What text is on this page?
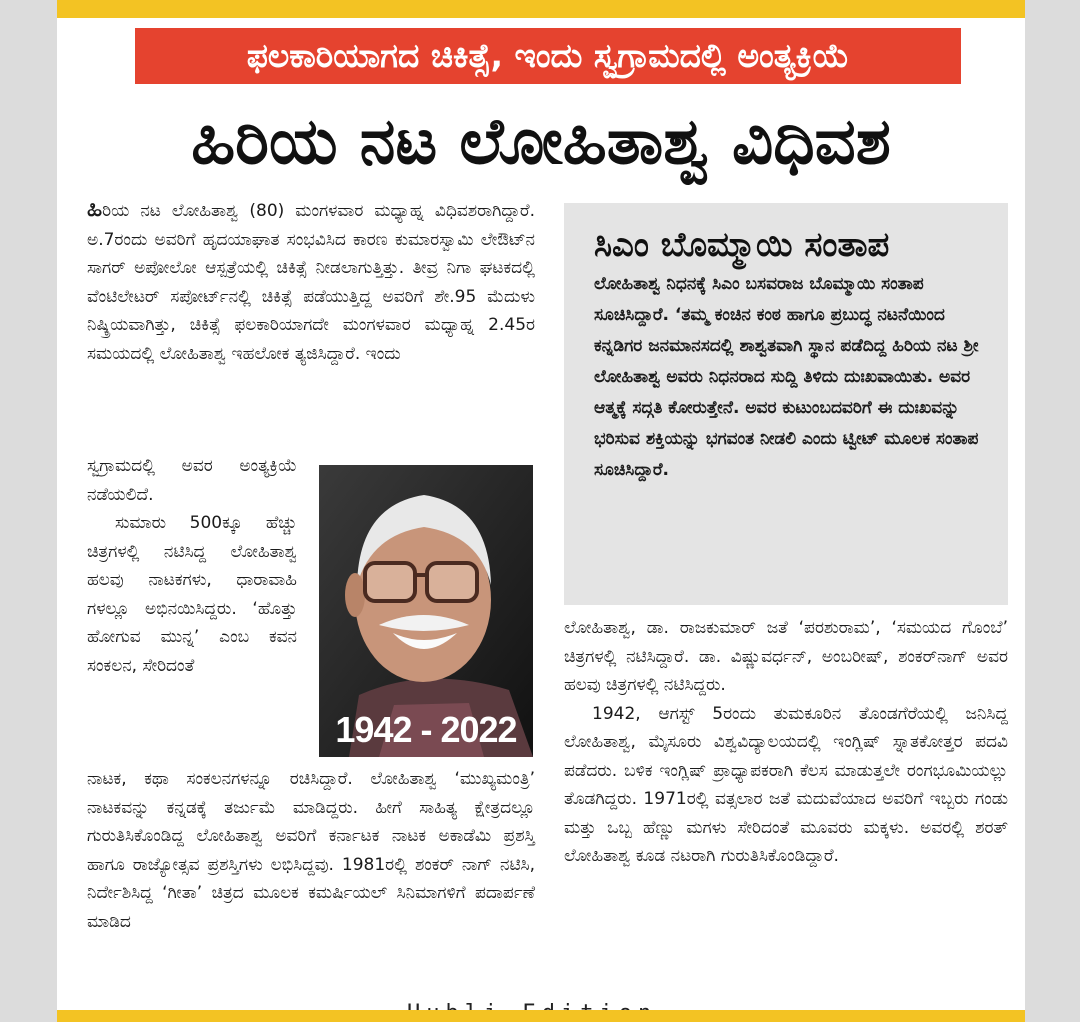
ಫಲಕಾರಿಯಾಗದ ಚಿಕಿತ್ಸೆ, ಇಂದು ಸ್ವಗ್ರಾಮದಲ್ಲಿ ಅಂತ್ಯಕ್ರಿಯೆ
ಹಿರಿಯ ನಟ ಲೋಹಿತಾಶ್ವ ವಿಧಿವಶ

ಹಿರಿಯ ನಟ ಲೋಹಿತಾಶ್ವ (80) ಮಂಗಳವಾರ ಮಧ್ಯಾಹ್ನ ವಿಧಿವಶರಾಗಿದ್ದಾರೆ. ಅ.7ರಂದು ಅವರಿಗೆ ಹೃದಯಾಘಾತ ಸಂಭವಿಸಿದ ಕಾರಣ ಕುಮಾರಸ್ವಾಮಿ ಲೇಔಟ್‌ನ ಸಾಗರ್ ಅಪೋಲೋ ಆಸ್ಪತ್ರೆಯಲ್ಲಿ ಚಿಕಿತ್ಸೆ ನೀಡಲಾಗುತ್ತಿತ್ತು. ತೀವ್ರ ನಿಗಾ ಘಟಕದಲ್ಲಿ ವೆಂಟಿಲೇಟರ್ ಸಪೋರ್ಟ್‌ನಲ್ಲಿ ಚಿಕಿತ್ಸೆ ಪಡೆಯುತ್ತಿದ್ದ ಅವರಿಗೆ ಶೇ.95 ಮೆದುಳು ನಿಷ್ಕ್ರಿಯವಾಗಿತ್ತು, ಚಿಕಿತ್ಸೆ ಫಲಕಾರಿಯಾಗದೇ ಮಂಗಳವಾರ ಮಧ್ಯಾಹ್ನ 2.45ರ ಸಮಯದಲ್ಲಿ ಲೋಹಿತಾಶ್ವ ಇಹಲೋಕ ತ್ಯಜಿಸಿದ್ದಾರೆ. ಇಂದು

ಸ್ವಗ್ರಾಮದಲ್ಲಿ ಅವರ ಅಂತ್ಯಕ್ರಿಯೆ ನಡೆಯಲಿದೆ.

ಸುಮಾರು 500ಕ್ಕೂ ಹೆಚ್ಚು ಚಿತ್ರಗಳಲ್ಲಿ ನಟಿಸಿದ್ದ ಲೋಹಿತಾಶ್ವ ಹಲವು ನಾಟಕಗಳು, ಧಾರಾವಾಹಿ ಗಳಲ್ಲೂ ಅಭಿನಯಿಸಿದ್ದರು. ‘ಹೊತ್ತು ಹೋಗುವ ಮುನ್ನ’ ಎಂಬ ಕವನ ಸಂಕಲನ, ಸೇರಿದಂತೆ

1942 - 2022

ನಾಟಕ, ಕಥಾ ಸಂಕಲನಗಳನ್ನೂ ರಚಿಸಿದ್ದಾರೆ. ಲೋಹಿತಾಶ್ವ ‘ಮುಖ್ಯಮಂತ್ರಿ’ ನಾಟಕವನ್ನು ಕನ್ನಡಕ್ಕೆ ತರ್ಜುಮೆ ಮಾಡಿದ್ದರು. ಹೀಗೆ ಸಾಹಿತ್ಯ ಕ್ಷೇತ್ರದಲ್ಲೂ ಗುರುತಿಸಿಕೊಂಡಿದ್ದ ಲೋಹಿತಾಶ್ವ ಅವರಿಗೆ ಕರ್ನಾಟಕ ನಾಟಕ ಅಕಾಡೆಮಿ ಪ್ರಶಸ್ತಿ ಹಾಗೂ ರಾಜ್ಯೋತ್ಸವ ಪ್ರಶಸ್ತಿಗಳು ಲಭಿಸಿದ್ದವು. 1981ರಲ್ಲಿ ಶಂಕರ್ ನಾಗ್ ನಟಿಸಿ, ನಿರ್ದೇಶಿಸಿದ್ದ ‘ಗೀತಾ’ ಚಿತ್ರದ ಮೂಲಕ ಕಮರ್ಷಿಯಲ್ ಸಿನಿಮಾಗಳಿಗೆ ಪದಾರ್ಪಣೆ ಮಾಡಿದ

ಸಿಎಂ ಬೊಮ್ಮಾಯಿ ಸಂತಾಪ

ಲೋಹಿತಾಶ್ವ ನಿಧನಕ್ಕೆ ಸಿಎಂ ಬಸವರಾಜ ಬೊಮ್ಮಾಯಿ ಸಂತಾಪ ಸೂಚಿಸಿದ್ದಾರೆ. ‘ತಮ್ಮ ಕಂಚಿನ ಕಂಠ ಹಾಗೂ ಪ್ರಬುದ್ಧ ನಟನೆಯಿಂದ ಕನ್ನಡಿಗರ ಜನಮಾನಸದಲ್ಲಿ ಶಾಶ್ವತವಾಗಿ ಸ್ಥಾನ ಪಡೆದಿದ್ದ ಹಿರಿಯ ನಟ ಶ್ರೀ ಲೋಹಿತಾಶ್ವ ಅವರು ನಿಧನರಾದ ಸುದ್ದಿ ತಿಳಿದು ದುಃಖವಾಯಿತು. ಅವರ ಆತ್ಮಕ್ಕೆ ಸದ್ಗತಿ ಕೋರುತ್ತೇನೆ. ಅವರ ಕುಟುಂಬದವರಿಗೆ ಈ ದುಃಖವನ್ನು ಭರಿಸುವ ಶಕ್ತಿಯನ್ನು ಭಗವಂತ ನೀಡಲಿ ಎಂದು ಟ್ವೀಟ್ ಮೂಲಕ ಸಂತಾಪ ಸೂಚಿಸಿದ್ದಾರೆ.

ಲೋಹಿತಾಶ್ವ, ಡಾ. ರಾಜಕುಮಾರ್ ಜತೆ ‘ಪರಶುರಾಮ’, ‘ಸಮಯದ ಗೊಂಬೆ’ ಚಿತ್ರಗಳಲ್ಲಿ ನಟಿಸಿದ್ದಾರೆ. ಡಾ. ವಿಷ್ಣುವರ್ಧನ್, ಅಂಬರೀಷ್, ಶಂಕರ್‌ನಾಗ್ ಅವರ ಹಲವು ಚಿತ್ರಗಳಲ್ಲಿ ನಟಿಸಿದ್ದರು.

1942, ಆಗಸ್ಟ್ 5ರಂದು ತುಮಕೂರಿನ ತೊಂಡಗೆರೆಯಲ್ಲಿ ಜನಿಸಿದ್ದ ಲೋಹಿತಾಶ್ವ, ಮೈಸೂರು ವಿಶ್ವವಿದ್ಯಾಲಯದಲ್ಲಿ ಇಂಗ್ಲಿಷ್ ಸ್ನಾತಕೋತ್ತರ ಪದವಿ ಪಡೆದರು. ಬಳಿಕ ಇಂಗ್ಲಿಷ್ ಪ್ರಾಧ್ಯಾಪಕರಾಗಿ ಕೆಲಸ ಮಾಡುತ್ತಲೇ ರಂಗಭೂಮಿಯಲ್ಲು ತೊಡಗಿದ್ದರು. 1971ರಲ್ಲಿ ವತ್ಸಲಾರ ಜತೆ ಮದುವೆಯಾದ ಅವರಿಗೆ ಇಬ್ಬರು ಗಂಡು ಮತ್ತು ಒಬ್ಬ ಹೆಣ್ಣು ಮಗಳು ಸೇರಿದಂತೆ ಮೂವರು ಮಕ್ಕಳು. ಅವರಲ್ಲಿ ಶರತ್ ಲೋಹಿತಾಶ್ವ ಕೂಡ ನಟರಾಗಿ ಗುರುತಿಸಿಕೊಂಡಿದ್ದಾರೆ.
